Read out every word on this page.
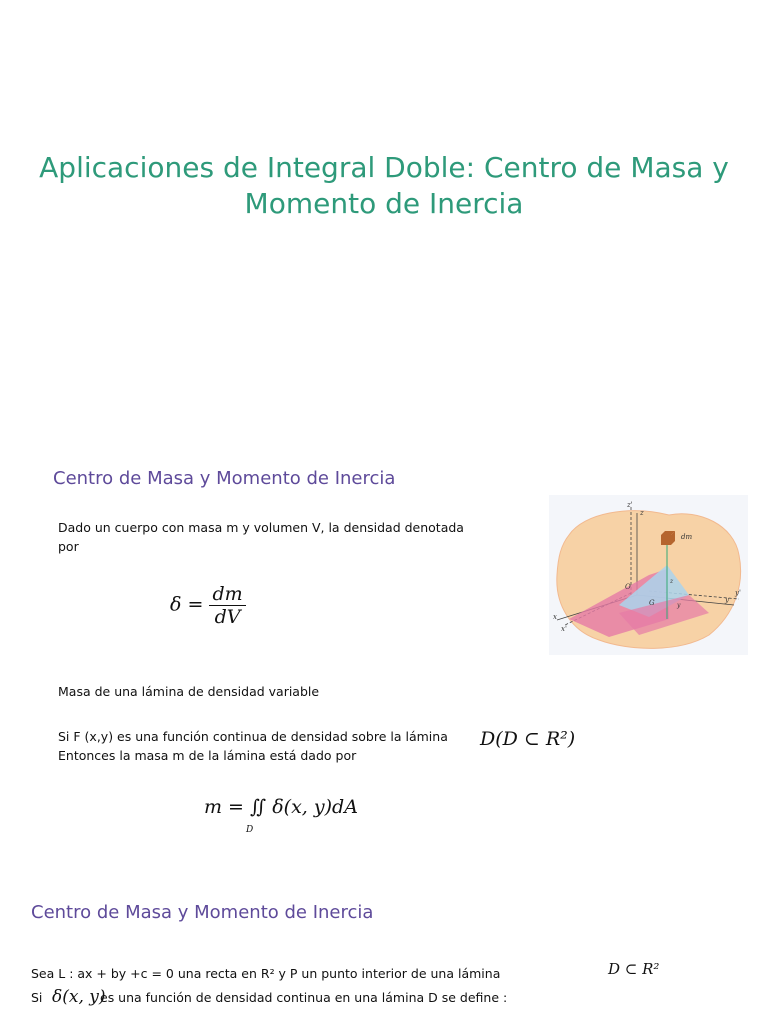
Aplicaciones de Integral Doble: Centro de Masa y
Momento de Inercia
Centro de Masa y Momento de Inercia
Dado un cuerpo con masa m y volumen V, la densidad denotada
por
$\delta = \frac{dm}{dV}$
Masa de una lámina de densidad variable
Si F (x,y) es una función continua de densidad sobre la lámina
Entonces la masa m de la lámina está dado por
D(D ⊂ R²)
m = ∬ δ(x, y)dA
D
z'
z
dm
O
G
z
y
y
y'
x
x'
Centro de Masa y Momento de Inercia
Sea L : ax + by +c = 0 una recta en R² y P un punto interior de una lámina	D ⊂ R²
Si δ(x, y)
es una función de densidad continua en una lámina D se define :
